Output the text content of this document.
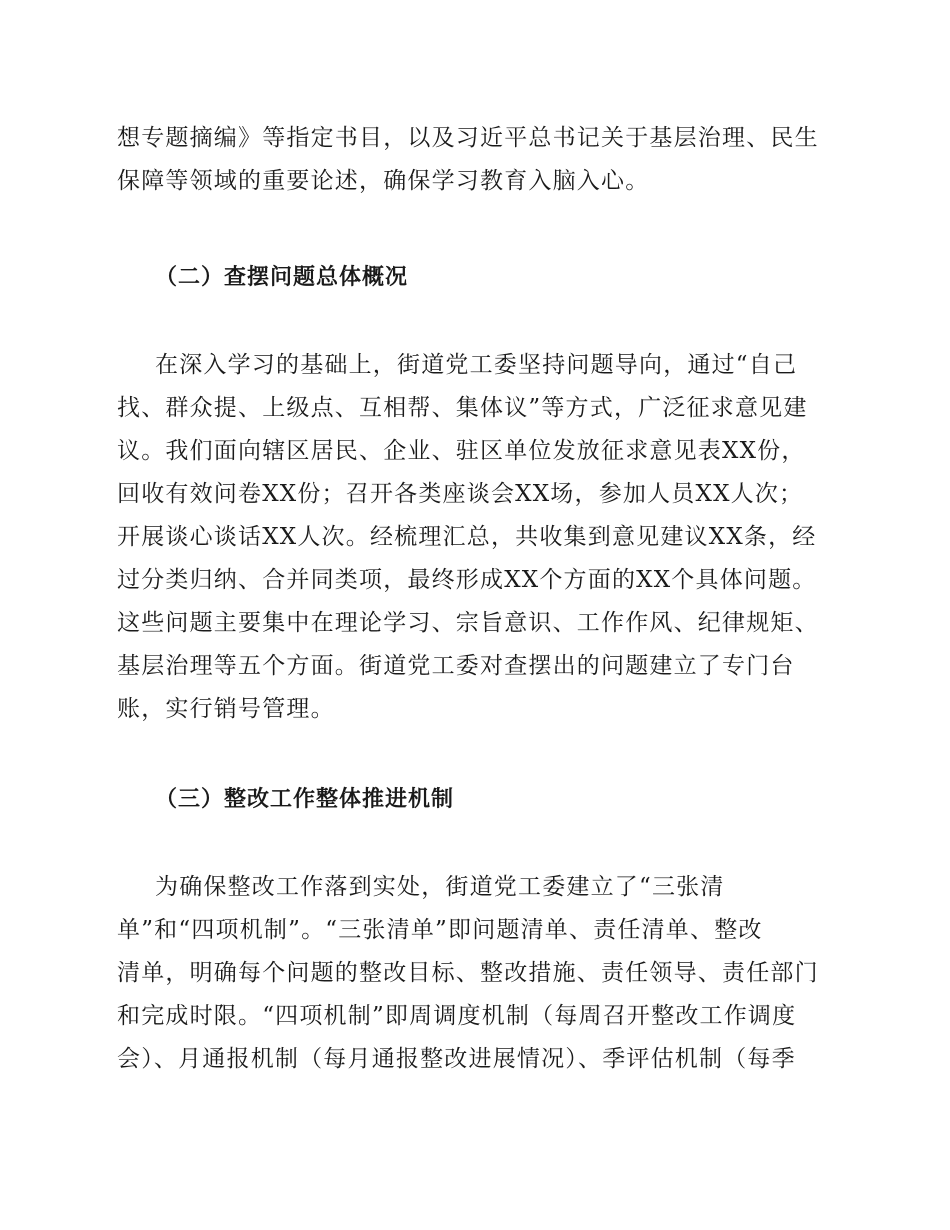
想专题摘编》等指定书目，以及习近平总书记关于基层治理、民生
保障等领域的重要论述，确保学习教育入脑入心。
（二）查摆问题总体概况
在深入学习的基础上，街道党工委坚持问题导向，通过“自己
找、群众提、上级点、互相帮、集体议”等方式，广泛征求意见建
议。我们面向辖区居民、企业、驻区单位发放征求意见表XX份，
回收有效问卷XX份；召开各类座谈会XX场，参加人员XX人次；
开展谈心谈话XX人次。经梳理汇总，共收集到意见建议XX条，经
过分类归纳、合并同类项，最终形成XX个方面的XX个具体问题。
这些问题主要集中在理论学习、宗旨意识、工作作风、纪律规矩、
基层治理等五个方面。街道党工委对查摆出的问题建立了专门台
账，实行销号管理。
（三）整改工作整体推进机制
为确保整改工作落到实处，街道党工委建立了“三张清
单”和“四项机制”。“三张清单”即问题清单、责任清单、整改
清单，明确每个问题的整改目标、整改措施、责任领导、责任部门
和完成时限。“四项机制”即周调度机制（每周召开整改工作调度
会）、月通报机制（每月通报整改进展情况）、季评估机制（每季
